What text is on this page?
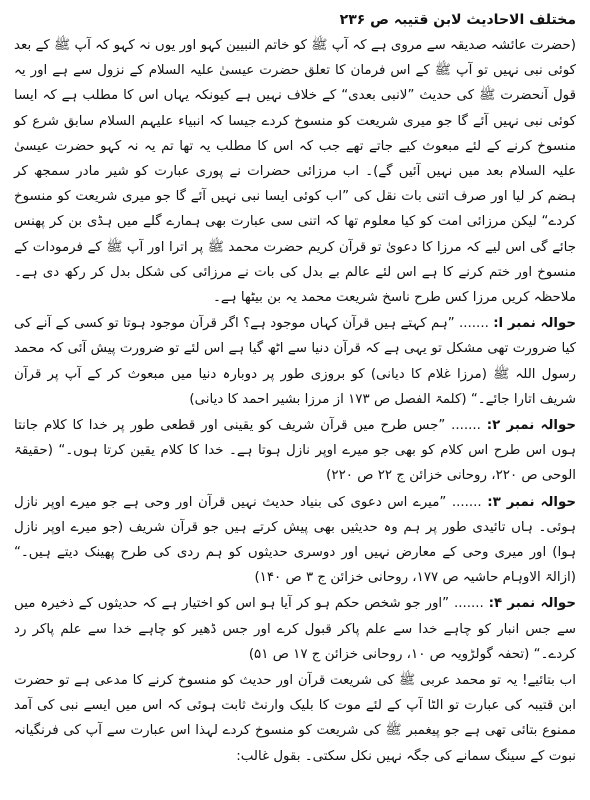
مختلف الاحادیث لابن قتیبہ ص ۲۳۶

(حضرت عائشہ صدیقہ سے مروی ہے کہ آپ ﷺ کو خاتم النبیین کہو اور یوں نہ کہو کہ آپ ﷺ کے بعد کوئی نبی نہیں تو آپ ﷺ کے اس فرمان کا تعلق حضرت عیسیٰ علیہ السلام کے نزول سے ہے اور یہ قول آنحضرت ﷺ کی حدیث ”لانبی بعدی“ کے خلاف نہیں ہے کیونکہ یہاں اس کا مطلب ہے کہ ایسا کوئی نبی نہیں آئے گا جو میری شریعت کو منسوخ کردے جیسا کہ انبیاء علیہم السلام سابق شرع کو منسوخ کرنے کے لئے مبعوث کیے جاتے تھے جب کہ اس کا مطلب یہ تھا تم یہ نہ کہو حضرت عیسیٰ علیہ السلام بعد میں نہیں آئیں گے)۔ اب مرزائی حضرات نے پوری عبارت کو شیر مادر سمجھ کر ہضم کر لیا اور صرف اتنی بات نقل کی ”اب کوئی ایسا نبی نہیں آئے گا جو میری شریعت کو منسوخ کردے“ لیکن مرزائی امت کو کیا معلوم تھا کہ اتنی سی عبارت بھی ہمارے گلے میں ہڈی بن کر پھنس جائے گی اس لیے کہ مرزا کا دعویٰ تو قرآن کریم حضرت محمد ﷺ پر اترا اور آپ ﷺ کے فرمودات کے منسوخ اور ختم کرنے کا ہے اس لئے عالم بے بدل کی بات نے مرزائی کی شکل بدل کر رکھ دی ہے۔ ملاحظہ کریں مرزا کس طرح ناسخ شریعت محمد یہ بن بیٹھا ہے۔

حوالہ نمبر ا: ....... ”ہم کہتے ہیں قرآن کہاں موجود ہے؟ اگر قرآن موجود ہوتا تو کسی کے آنے کی کیا ضرورت تھی مشکل تو یہی ہے کہ قرآن دنیا سے اٹھ گیا ہے اس لئے تو ضرورت پیش آئی کہ محمد رسول اللہ ﷺ (مرزا غلام کا دیانی) کو بروزی طور پر دوبارہ دنیا میں مبعوث کر کے آپ پر قرآن شریف اتارا جائے۔“ (کلمۃ الفصل ص ۱۷۳ از مرزا بشیر احمد کا دیانی)

حوالہ نمبر ۲: ....... ”جس طرح میں قرآن شریف کو یقینی اور قطعی طور پر خدا کا کلام جانتا ہوں اس طرح اس کلام کو بھی جو میرے اوپر نازل ہوتا ہے۔ خدا کا کلام یقین کرتا ہوں۔“ (حقیقۃ الوحی ص ۲۲۰، روحانی خزائن ج ۲۲ ص ۲۲۰)

حوالہ نمبر ۳: ....... ”میرے اس دعوی کی بنیاد حدیث نہیں قرآن اور وحی ہے جو میرے اوپر نازل ہوئی۔ ہاں تائیدی طور پر ہم وہ حدیثیں بھی پیش کرتے ہیں جو قرآن شریف (جو میرے اوپر نازل ہوا) اور میری وحی کے معارض نہیں اور دوسری حدیثوں کو ہم ردی کی طرح پھینک دیتے ہیں۔“ (ازالۃ الاوہام حاشیہ ص ۱۷۷، روحانی خزائن ج ۳ ص ۱۴۰)

حوالہ نمبر ۴: ....... ”اور جو شخص حکم ہو کر آیا ہو اس کو اختیار ہے کہ حدیثوں کے ذخیرہ میں سے جس انبار کو چاہے خدا سے علم پاکر قبول کرے اور جس ڈھیر کو چاہے خدا سے علم پاکر رد کردے۔“ (تحفہ گولڑویہ ص ۱۰، روحانی خزائن ج ۱۷ ص ۵۱)

اب بتائیے! یہ تو محمد عربی ﷺ کی شریعت قرآن اور حدیث کو منسوخ کرنے کا مدعی ہے تو حضرت ابن قتیبہ کی عبارت تو الٹا آپ کے لئے موت کا بلیک وارنٹ ثابت ہوئی کہ اس میں ایسے نبی کی آمد ممنوع بتائی تھی ہے جو پیغمبر ﷺ کی شریعت کو منسوخ کردے لہذا اس عبارت سے آپ کی فرنگیانہ نبوت کے سینگ سمانے کی جگہ نہیں نکل سکتی۔ بقول غالب:
